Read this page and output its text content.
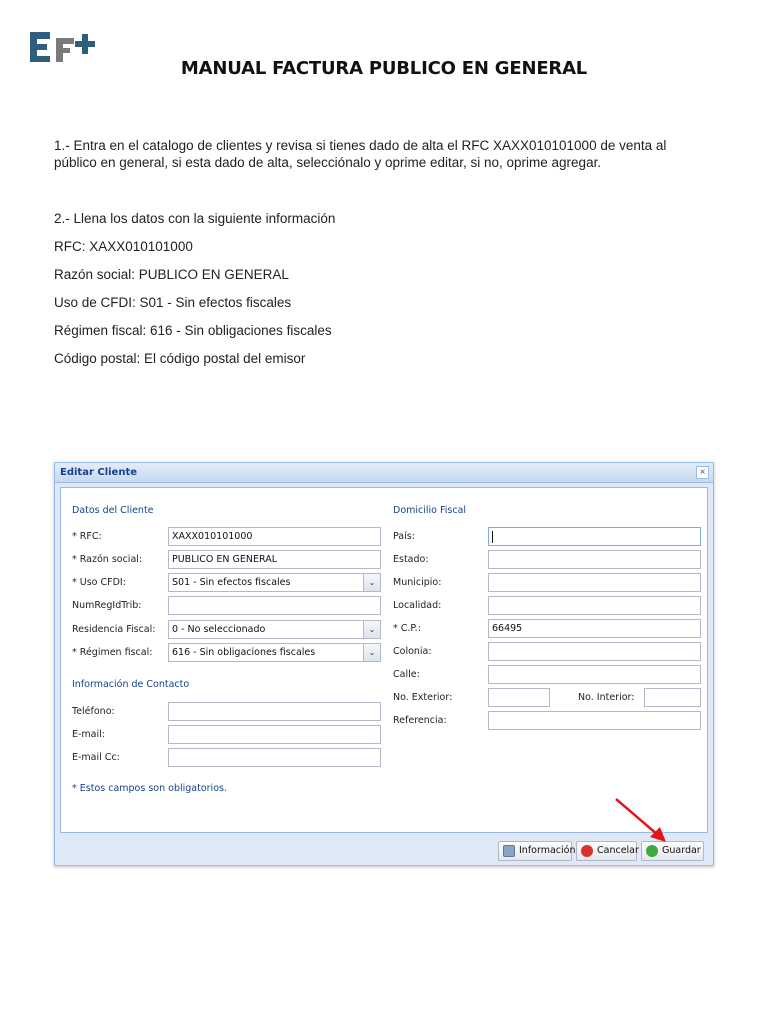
MANUAL FACTURA PUBLICO EN GENERAL
1.- Entra en el catalogo de clientes y revisa si tienes dado de alta el RFC XAXX010101000 de venta al público en general, si esta dado de alta, selecciónalo y oprime editar, si no, oprime agregar.
2.- Llena los datos con la siguiente información
RFC: XAXX010101000
Razón social: PUBLICO EN GENERAL
Uso de CFDI: S01 - Sin efectos fiscales
Régimen fiscal: 616 - Sin obligaciones fiscales
Código postal: El código postal del emisor
Editar Cliente	×
Datos del Cliente
* RFC:	XAXX010101000
* Razón social:	PUBLICO EN GENERAL
* Uso CFDI:	S01 - Sin efectos fiscales	⌄
NumRegIdTrib:
Residencia Fiscal:	0 - No seleccionado	⌄
* Régimen fiscal:	616 - Sin obligaciones fiscales	⌄
Información de Contacto
Teléfono:
E-mail:
E-mail Cc:
* Estos campos son obligatorios.
Domicilio Fiscal
País:
Estado:
Municipio:
Localidad:
* C.P.:	66495
Colonia:
Calle:
No. Exterior:	No. Interior:
Referencia:
Información	Cancelar	Guardar
